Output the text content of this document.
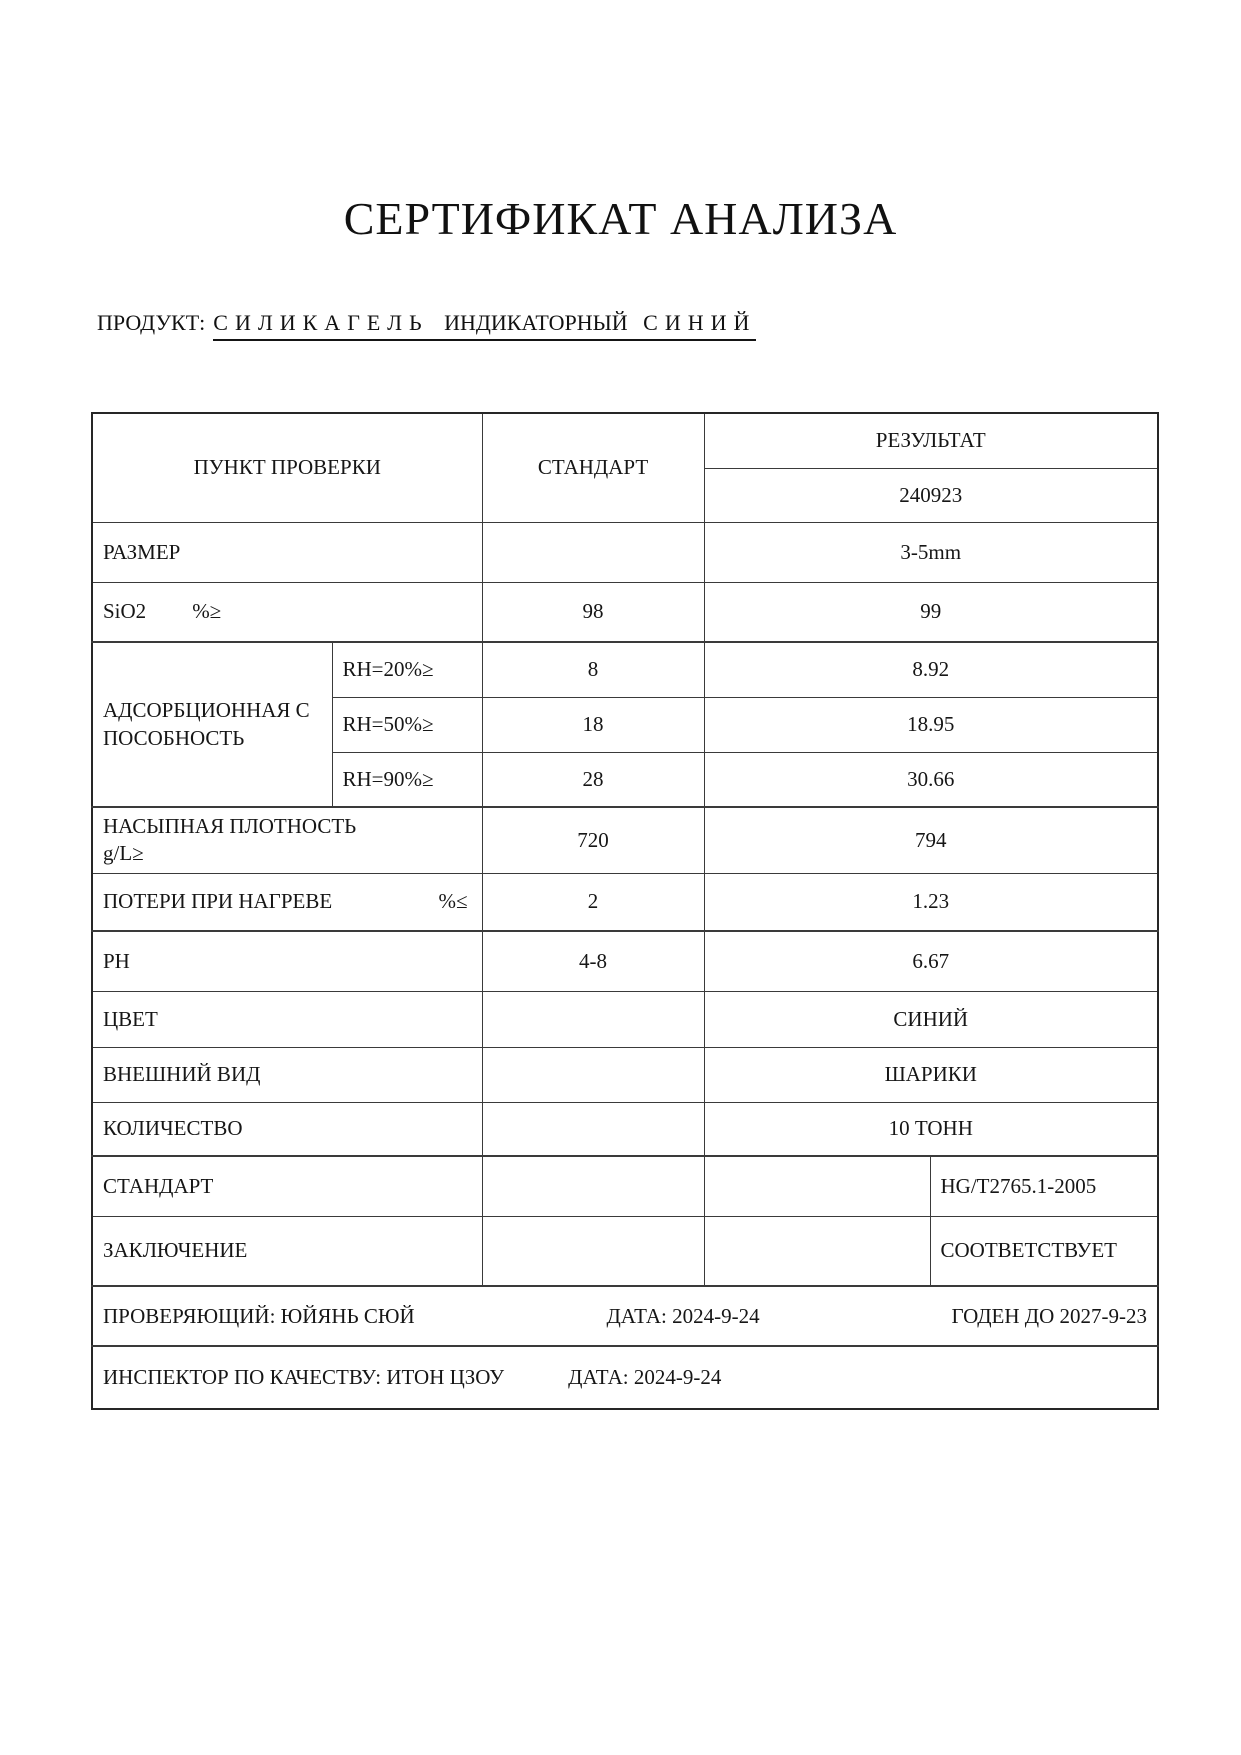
СЕРТИФИКАТ АНАЛИЗА
ПРОДУКТ: СИЛИКАГЕЛЬ ИНДИКАТОРНЫЙ СИНИЙ
ПУНКТ ПРОВЕРКИ		СТАНДАРТ	РЕЗУЛЬТАТ	
			240923	
РАЗМЕР			3-5mm	
SiO2 %≥		98	99	
АДСОРБЦИОННАЯ СПОСОБНОСТЬ	RH=20%≥	8	8.92	
	RH=50%≥	18	18.95	
	RH=90%≥	28	30.66	

НАСЫПНАЯ ПЛОТНОСТЬ
g/L≥		720	794	

ПОТЕРИ ПРИ НАГРЕВЕ %≤		2	1.23	
PH		4-8	6.67	
ЦВЕТ			СИНИЙ	
ВНЕШНИЙ ВИД			ШАРИКИ	
КОЛИЧЕСТВО			10 ТОНН	
СТАНДАРТ				HG/T2765.1-2005
ЗАКЛЮЧЕНИЕ				СООТВЕТСТВУЕТ

ПРОВЕРЯЮЩИЙ: ЮЙЯНЬ СЮЙ ДАТА: 2024-9-24 ГОДЕН ДО 2027-9-23				

ИНСПЕКТОР ПО КАЧЕСТВУ: ИТОН ЦЗОУ ДАТА: 2024-9-24				
